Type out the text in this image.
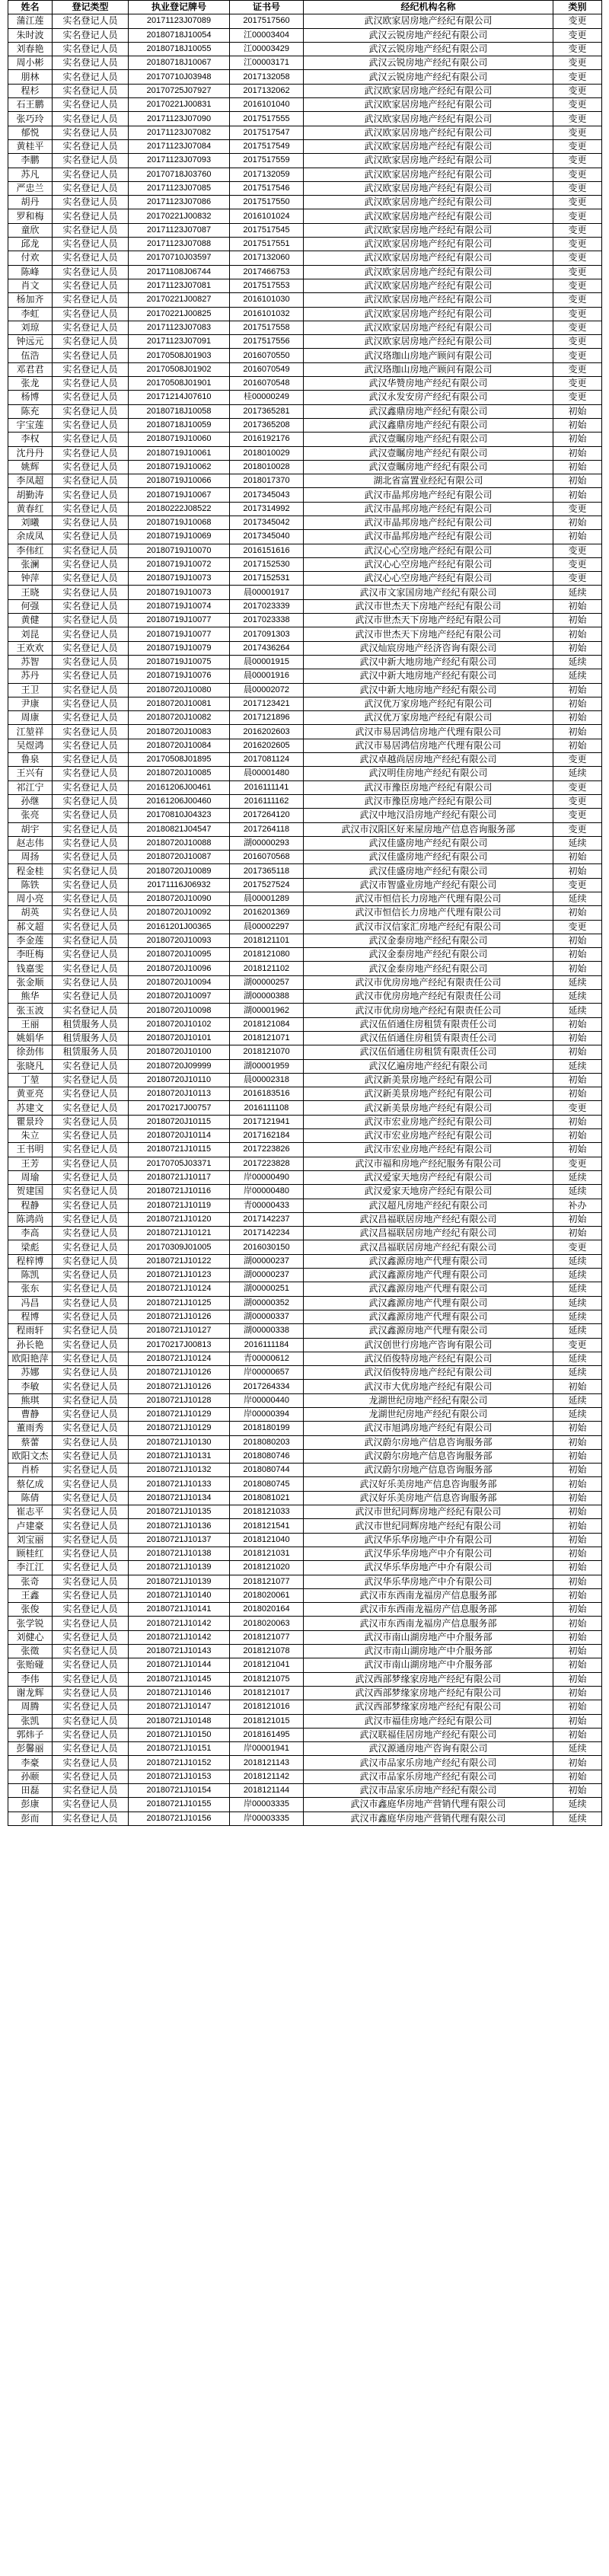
姓名	登记类型	执业登记牌号	证书号	经纪机构名称	类别
蒲江莲	实名登记人员	20171123J07089	2017517560	武汉欧家居房地产经纪有限公司	变更
朱时波	实名登记人员	20180718J10054	江00003404	武汉云锐房地产经纪有限公司	变更
刘春艳	实名登记人员	20180718J10055	江00003429	武汉云锐房地产经纪有限公司	变更
周小彬	实名登记人员	20180718J10067	江00003171	武汉云锐房地产经纪有限公司	变更
朋林	实名登记人员	20170710J03948	2017132058	武汉云锐房地产经纪有限公司	变更
程杉	实名登记人员	20170725J07927	2017132062	武汉欧家居房地产经纪有限公司	变更
石王鹏	实名登记人员	20170221J00831	2016101040	武汉欧家居房地产经纪有限公司	变更
张巧玲	实名登记人员	20171123J07090	2017517555	武汉欧家居房地产经纪有限公司	变更
郁悦	实名登记人员	20171123J07082	2017517547	武汉欧家居房地产经纪有限公司	变更
黄桂平	实名登记人员	20171123J07084	2017517549	武汉欧家居房地产经纪有限公司	变更
李鹏	实名登记人员	20171123J07093	2017517559	武汉欧家居房地产经纪有限公司	变更
苏凡	实名登记人员	20170718J03760	2017132059	武汉欧家居房地产经纪有限公司	变更
严忠兰	实名登记人员	20171123J07085	2017517546	武汉欧家居房地产经纪有限公司	变更
胡丹	实名登记人员	20171123J07086	2017517550	武汉欧家居房地产经纪有限公司	变更
罗和梅	实名登记人员	20170221J00832	2016101024	武汉欧家居房地产经纪有限公司	变更
童欣	实名登记人员	20171123J07087	2017517545	武汉欧家居房地产经纪有限公司	变更
邱龙	实名登记人员	20171123J07088	2017517551	武汉欧家居房地产经纪有限公司	变更
付欢	实名登记人员	20170710J03597	2017132060	武汉欧家居房地产经纪有限公司	变更
陈峰	实名登记人员	20171108J06744	2017466753	武汉欧家居房地产经纪有限公司	变更
肖文	实名登记人员	20171123J07081	2017517553	武汉欧家居房地产经纪有限公司	变更
杨加齐	实名登记人员	20170221J00827	2016101030	武汉欧家居房地产经纪有限公司	变更
李虹	实名登记人员	20170221J00825	2016101032	武汉欧家居房地产经纪有限公司	变更
刘琼	实名登记人员	20171123J07083	2017517558	武汉欧家居房地产经纪有限公司	变更
钟远元	实名登记人员	20171123J07091	2017517556	武汉欧家居房地产经纪有限公司	变更
伍浩	实名登记人员	20170508J01903	2016070550	武汉珞珈山房地产顾问有限公司	变更
邓君君	实名登记人员	20170508J01902	2016070549	武汉珞珈山房地产顾问有限公司	变更
张龙	实名登记人员	20170508J01901	2016070548	武汉华赞房地产经纪有限公司	变更
杨博	实名登记人员	20171214J07610	桂00000249	武汉永发安房产经纪有限公司	变更
陈充	实名登记人员	20180718J10058	2017365281	武汉鑫鼎房地产经纪有限公司	初始
宇宝莲	实名登记人员	20180718J10059	2017365208	武汉鑫鼎房地产经纪有限公司	初始
李权	实名登记人员	20180719J10060	2016192176	武汉壹瞩房地产经纪有限公司	初始
沈丹丹	实名登记人员	20180719J10061	2018010029	武汉壹瞩房地产经纪有限公司	初始
姚辉	实名登记人员	20180719J10062	2018010028	武汉壹瞩房地产经纪有限公司	初始
李凤超	实名登记人员	20180719J10066	2018017370	湖北省富置业经纪有限公司	初始
胡勤涛	实名登记人员	20180719J10067	2017345043	武汉市晶邦房地产经纪有限公司	初始
黄春红	实名登记人员	20180222J08522	2017314992	武汉市晶邦房地产经纪有限公司	变更
刘曦	实名登记人员	20180719J10068	2017345042	武汉市晶邦房地产经纪有限公司	初始
余成凤	实名登记人员	20180719J10069	2017345040	武汉市晶邦房地产经纪有限公司	初始
李伟红	实名登记人员	20180719J10070	2016151616	武汉心心空房地产经纪有限公司	变更
张澜	实名登记人员	20180719J10072	2017152530	武汉心心空房地产经纪有限公司	变更
钟萍	实名登记人员	20180719J10073	2017152531	武汉心心空房地产经纪有限公司	变更
王晓	实名登记人员	20180719J10073	晨00001917	武汉市文家国房地产经纪有限公司	延续
何强	实名登记人员	20180719J10074	2017023339	武汉市世杰天下房地产经纪有限公司	初始
黄健	实名登记人员	20180719J10077	2017023338	武汉市世杰天下房地产经纪有限公司	初始
刘昆	实名登记人员	20180719J10077	2017091303	武汉市世杰天下房地产经纪有限公司	初始
王欢欢	实名登记人员	20180719J10079	2017436264	武汉灿宸房地产经济咨询有限公司	初始
苏智	实名登记人员	20180719J10075	晨00001915	武汉中新大地房地产经纪有限公司	延续
苏丹	实名登记人员	20180719J10076	晨00001916	武汉中新大地房地产经纪有限公司	延续
王卫	实名登记人员	20180720J10080	晨00002072	武汉中新大地房地产经纪有限公司	初始
尹康	实名登记人员	20180720J10081	2017123421	武汉优万家房地产经纪有限公司	初始
周康	实名登记人员	20180720J10082	2017121896	武汉优万家房地产经纪有限公司	初始
江堃祥	实名登记人员	20180720J10083	2016202603	武汉市易居鸿信房地产代理有限公司	初始
吴煜鸿	实名登记人员	20180720J10084	2016202605	武汉市易居鸿信房地产代理有限公司	初始
鲁泉	实名登记人员	20170508J01895	2017081124	武汉卓越尚居房地产经纪有限公司	变更
王兴有	实名登记人员	20180720J10085	晨00001480	武汉明佳房地产经纪有限公司	延续
祁江宁	实名登记人员	20161206J00461	2016111141	武汉市豫臣房地产经纪有限公司	变更
孙继	实名登记人员	20161206J00460	2016111162	武汉市豫臣房地产经纪有限公司	变更
张亮	实名登记人员	20170810J04323	2017264120	武汉中地汉沿房地产经纪有限公司	变更
胡宇	实名登记人员	20180821J04547	2017264118	武汉市汉阳区好来屋房地产信息咨询服务部	变更
赵志伟	实名登记人员	20180720J10088	湖00000293	武汉佳盛房地产经纪有限公司	延续
周扬	实名登记人员	20180720J10087	2016070568	武汉佳盛房地产经纪有限公司	初始
程金桂	实名登记人员	20180720J10089	2017365118	武汉佳盛房地产经纪有限公司	初始
陈铁	实名登记人员	20171116J06932	2017527524	武汉市智盛业房地产经纪有限公司	变更
周小亮	实名登记人员	20180720J10090	晨00001289	武汉市恒信长力房地产代理有限公司	延续
胡英	实名登记人员	20180720J10092	2016201369	武汉市恒信长力房地产代理有限公司	初始
郝文超	实名登记人员	20161201J00365	晨00002297	武汉市汉信家汇房地产经纪有限公司	变更
李金莲	实名登记人员	20180720J10093	2018121101	武汉金泰房地产经纪有限公司	初始
李旺梅	实名登记人员	20180720J10095	2018121080	武汉金泰房地产经纪有限公司	初始
钱嘉雯	实名登记人员	20180720J10096	2018121102	武汉金泰房地产经纪有限公司	初始
张金顺	实名登记人员	20180720J10094	湖00000257	武汉市优房房地产经纪有限责任公司	延续
熊华	实名登记人员	20180720J10097	湖00000388	武汉市优房房地产经纪有限责任公司	延续
张玉波	实名登记人员	20180720J10098	湖00001962	武汉市优房房地产经纪有限责任公司	延续
王丽	租赁服务人员	20180720J10102	2018121084	武汉伍佰通住房租赁有限责任公司	初始
姚娟华	租赁服务人员	20180720J10101	2018121071	武汉伍佰通住房租赁有限责任公司	初始
徐劲伟	租赁服务人员	20180720J10100	2018121070	武汉伍佰通住房租赁有限责任公司	初始
张晓凡	实名登记人员	20180720J09999	湖00001959	武汉亿遍房地产经纪有限公司	延续
丁堃	实名登记人员	20180720J10110	晨00002318	武汉新美景房地产经纪有限公司	初始
黄亚亮	实名登记人员	20180720J10113	2016183516	武汉新美景房地产经纪有限公司	初始
苏建文	实名登记人员	20170217J00757	2016111108	武汉新美景房地产经纪有限公司	变更
瞿景玲	实名登记人员	20180720J10115	2017121941	武汉市宏业房地产经纪有限公司	初始
朱立	实名登记人员	20180720J10114	2017162184	武汉市宏业房地产经纪有限公司	初始
王书明	实名登记人员	20180721J10115	2017223826	武汉市宏业房地产经纪有限公司	初始
王芳	实名登记人员	20170705J03371	2017223828	武汉市福和房地产经纪服务有限公司	变更
周瑜	实名登记人员	20180721J10117	岸00000490	武汉爱家天地房产经纪有限公司	延续
贺建国	实名登记人员	20180721J10116	岸00000480	武汉爱家天地房产经纪有限公司	延续
程静	实名登记人员	20180721J10119	青00000433	武汉超凡房地产经纪有限公司	补办
陈鸿尚	实名登记人员	20180721J10120	2017142237	武汉昌福联居房地产经纪有限公司	初始
李高	实名登记人员	20180721J10121	2017142234	武汉昌福联居房地产经纪有限公司	初始
梁彪	实名登记人员	20170309J01005	2016030150	武汉昌福联居房地产经纪有限公司	变更
程梓博	实名登记人员	20180721J10122	湖00000237	武汉鑫源房地产代理有限公司	延续
陈凯	实名登记人员	20180721J10123	湖00000237	武汉鑫源房地产代理有限公司	延续
张东	实名登记人员	20180721J10124	湖00000251	武汉鑫源房地产代理有限公司	延续
冯昌	实名登记人员	20180721J10125	湖00000352	武汉鑫源房地产代理有限公司	延续
程博	实名登记人员	20180721J10126	湖00000337	武汉鑫源房地产代理有限公司	延续
程雨轩	实名登记人员	20180721J10127	湖00000338	武汉鑫源房地产代理有限公司	延续
孙长艳	实名登记人员	20170217J00813	2016111184	武汉创世行房地产咨询有限公司	变更
欧阳艳萍	实名登记人员	20180721J10124	青00000612	武汉佰俊特房地产经纪有限公司	延续
苏娜	实名登记人员	20180721J10126	岸00000657	武汉佰俊特房地产经纪有限公司	延续
李敏	实名登记人员	20180721J10126	2017264334	武汉市大优房地产经纪有限公司	初始
熊琪	实名登记人员	20180721J10128	岸00000440	龙湖世纪房地产经纪有限公司	延续
曹静	实名登记人员	20180721J10129	岸00000394	龙湖世纪房地产经纪有限公司	延续
董雨秀	实名登记人员	20180721J10129	2018180199	武汉市旭鸿房地产经纪有限公司	初始
蔡蕾	实名登记人员	20180721J10130	2018080203	武汉蔚尔房地产信息咨询服务部	初始
欧阳文杰	实名登记人员	20180721J10131	2018080746	武汉蔚尔房地产信息咨询服务部	初始
肖桥	实名登记人员	20180721J10132	2018080744	武汉蔚尔房地产信息咨询服务部	初始
蔡亿成	实名登记人员	20180721J10133	2018080745	武汉好乐美房地产信息咨询服务部	初始
陈倩	实名登记人员	20180721J10134	2018081021	武汉好乐美房地产信息咨询服务部	初始
崔志平	实名登记人员	20180721J10135	2018121033	武汉市世纪同辉房地产经纪有限公司	初始
卢建豪	实名登记人员	20180721J10136	2018121541	武汉市世纪同辉房地产经纪有限公司	初始
刘宝丽	实名登记人员	20180721J10137	2018121040	武汉华乐华房地产中介有限公司	初始
顾桂红	实名登记人员	20180721J10138	2018121031	武汉华乐华房地产中介有限公司	初始
李江江	实名登记人员	20180721J10139	2018121020	武汉华乐华房地产中介有限公司	初始
张奇	实名登记人员	20180721J10139	2018121077	武汉华乐华房地产中介有限公司	初始
王鑫	实名登记人员	20180721J10140	2018020061	武汉市东西南龙福房产信息服务部	初始
张俊	实名登记人员	20180721J10141	2018020164	武汉市东西南龙福房产信息服务部	初始
张学锐	实名登记人员	20180721J10142	2018020063	武汉市东西南龙福房产信息服务部	初始
刘健心	实名登记人员	20180721J10142	2018121077	武汉市南山湖房地产中介服务部	初始
张徵	实名登记人员	20180721J10143	2018121078	武汉市南山湖房地产中介服务部	初始
张贻碰	实名登记人员	20180721J10144	2018121041	武汉市南山湖房地产中介服务部	初始
李伟	实名登记人员	20180721J10145	2018121075	武汉西部梦缘家房地产经纪有限公司	初始
谢龙辉	实名登记人员	20180721J10146	2018121017	武汉西部梦缘家房地产经纪有限公司	初始
周腾	实名登记人员	20180721J10147	2018121016	武汉西部梦缘家房地产经纪有限公司	初始
张凯	实名登记人员	20180721J10148	2018121015	武汉市福佳房地产经纪有限公司	初始
郭炜子	实名登记人员	20180721J10150	2018161495	武汉联福佳居房地产经纪有限公司	初始
彭馨丽	实名登记人员	20180721J10151	岸00001941	武汉源通房地产咨询有限公司	延续
李豪	实名登记人员	20180721J10152	2018121143	武汉市品家乐房地产经纪有限公司	初始
孙颐	实名登记人员	20180721J10153	2018121142	武汉市品家乐房地产经纪有限公司	初始
田磊	实名登记人员	20180721J10154	2018121144	武汉市品家乐房地产经纪有限公司	初始
彭康	实名登记人员	20180721J10155	岸00003335	武汉市鑫庭华房地产营销代理有限公司	延续
彭而	实名登记人员	20180721J10156	岸00003335	武汉市鑫庭华房地产营销代理有限公司	延续
